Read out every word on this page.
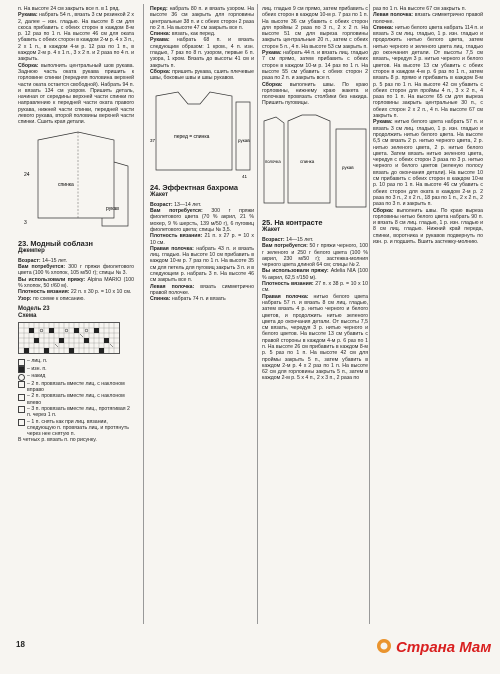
п. На высоте 24 см закрыть все п. в 1 ряд.

Рукава: набрать 54 п., вязать 3 см резинкой 2 х 2, далее – изн. гладью. На высоте 8 см для скоса прибавить с обеих сторон в каждом 8-м р. 12 раз по 1 п. На высоте 46 см для оката убавить с обеих сторон в каждом 2-м р. 4 х 3 п., 2 х 1 п., в каждом 4-м р. 12 раз по 1 п., в каждом 2-м р. 4 х 1 п., 3 х 2 п. и 2 раза по 4 п. и закрыть.

Сборка: выполнить центральный шов рукава. Заднюю часть оката рукава пришить к горловине спинки (передняя половина верхней части оката остается свободной). Набрать 94 п. и вязать 134 см узором. Пришить деталь, начиная от середины верхней части спинки по направлению к передней части оката правого рукава, нижней части спинки, передней части левого рукава, второй половины верхней части спинки. Сшить края детали.

рукав
24
3
спинка
23. Модный соблазн
Джемпер

Возраст: 14–15 лет.

Вам потребуется: 300 г пряжи фиолетового цвета (100 % хлопок, 105 м/50 г); спицы № 3.

Вы использовали пряжу: Alpina MARIO (100 % хлопок, 50 г/60 м).

Плотность вязания: 22 п. х 30 р. = 10 х 10 см.

Узор: по схеме к описанию.

Модель 23
Схема
– лиц. п.
– изн. п.
– накид
– 2 п. провязать вместе лиц. с наклоном вправо
– 2 п. провязать вместе лиц. с наклоном влево
– 3 п. провязать вместе лиц., протягивая 2 п. через 1 п.
– 1 п. снять как при лиц. вязании, следующую п. провязать лиц. и протянуть через нее снятую п.

В четных р. вязать п. по рисунку.

Перед: набрать 80 п. и вязать узором. На высоте 36 см закрыть для горловины центральные 38 п. и с обеих сторон 2 раза по 2 п. На высоте 47 см закрыть все п.

Спинка: вязать, как перед.

Рукава: набрать 68 п. и вязать следующим образом: 1 кром., 4 п. изн. гладью, 7 раз по 8 п. узором, первые 6 п. узора, 1 кром. Вязать до высоты 41 см и закрыть п.

Сборка: пришить рукава, сшить плечевые швы, боковые швы и швы рукавов.

перед = спинка
рукав
37
41
24. Эффектная бахрома
Жакет

Возраст: 13—14 лет.

Вам потребуется: 300 г пряжи фиолетового цвета (70 % акрил, 21 % мохер, 9 % шерсть, 139 м/50 г), 6 пуговиц фиолетового цвета; спицы № 3,5.

Плотность вязания: 21 п. х 27 р. = 10 х 10 см.

Правая полочка: набрать 43 п. и вязать лиц. гладью. На высоте 10 см прибавить в каждом 10-м р. 7 раз по 1 п. На высоте 35 см для петель для пуговиц закрыть 3 п. и в следующем р. набрать 3 п. На высоте 46 см закрыть все п.

Левая полочка: вязать симметрично правой полочке.

Спинка: набрать 74 п. и вязать

лиц. гладью 9 см прямо, затем прибавить с обеих сторон в каждом 10-м р. 7 раз по 1 п. На высоте 36 см убавить с обеих сторон для проймы 2 раза по 3 п., 2 х 2 п. На высоте 51 см для выреза горловины закрыть центральные 20 п., затем с обеих сторон 5 п., 4 п. На высоте 53 см закрыть п.

Рукава: набрать 44 п. и вязать лиц. гладью 7 см прямо, затем прибавить с обеих сторон в каждом 10-м р. 14 раз по 1 п. На высоте 55 см убавить с обеих сторон 2 раза по 2 п. и закрыть все п.

Сборка: выполнить швы. По краю горловины, нижнему краю жакета и полочкам провязать столбики без накида. Пришить пуговицы.

полочка	спинка
рукав
25. На контрасте
Жакет

Возраст: 14—15 лет.

Вам потребуется: 50 г пряжи черного, 100 г зеленого и 250 г белого цвета (100 % акрил, 230 м/50 г); застежка-молния черного цвета длиной 64 см; спицы № 2.

Вы использовали пряжу: Adelia NIA (100 % акрил, 62,5 г/150 м).

Плотность вязания: 27 п. х 38 р. = 10 х 10 см.

Правая полочка: нитью белого цвета набрать 57 п. и вязать 8 см лиц. гладью, затем вязать 4 р. нитью черного и белого цветов, и продолжить нитью зеленого цвета до окончания детали. От высоты 7,5 см вязать, чередуя 3 р. нитью черного и белого цветов. На высоте 13 см убавить с правой стороны в каждом 4-м р. 6 раз по 1 п. На высоте 26 см прибавить в каждом 8-м р. 5 раз по 1 п. На высоте 42 см для проймы закрыть 5 п., затем убавить в каждом 2-м р. 4 х 2 раз по 1 п. На высоте 62 см для горловины закрыть 5 п., затем в каждом 2-м р. 5 х 4 п., 2 х 3 п., 2 раза по

раз по 1 п. На высоте 67 см закрыть п.

Левая полочка: вязать симметрично правой полочке.

Спинка: нитью белого цвета набрать 114 п. и вязать 3 см лиц. гладью, 1 р. изн. гладью и продолжить нитью белого цвета, затем нитью черного и зеленого цвета лиц. гладью до окончания детали. От высоты 7,5 см вязать, чередуя 3 р. нитью черного и белого цветов. На высоте 13 см убавить с обеих сторон в каждом 4-м р. 6 раз по 1 п., затем вязать 8 р. прямо и прибавить в каждом 8-м р. 5 раз по 1 п. На высоте 42 см убавить с обеих сторон для проймы 4 п., 3 х 2 п., 4 раза по 1 п. На высоте 65 см для выреза горловины закрыть центральные 30 п., с обеих сторон 2 х 2 п., 4 п. На высоте 67 см закрыть п.

Рукава: нитью белого цвета набрать 57 п. и вязать 3 см лиц. гладью, 1 р. изн. гладью и продолжить нитью белого цвета. На высоте 6,5 см вязать 2 р. нитью черного цвета, 2 р. нитью зеленого цвета, 2 р. нитью белого цвета. Затем вязать нитью зеленого цвета, чередуя с обеих сторон 3 раза по 3 р. нитью черного и белого цветов (зеленую полосу вязать до окончания детали). На высоте 10 см прибавить с обеих сторон в каждом 10-м р. 10 раз по 1 п. На высоте 46 см убавить с обеих сторон для оката в каждом 2-м р. 2 раза по 3 п., 2 х 2 п., 18 раз по 1 п., 2 х 2 п., 2 раза по 3 п. и закрыть п.

Сборка: выполнить швы. По краю выреза горловины нитью белого цвета набрать 90 п. и вязать 8 см лиц. гладью, 1 р. изн. гладью и 8 см лиц. гладью. Нижний край переда, спинки, воротника и рукавов подвернуть по изн. р. и подшить. Вшить застежку-молнию.

18	Страна Мам
